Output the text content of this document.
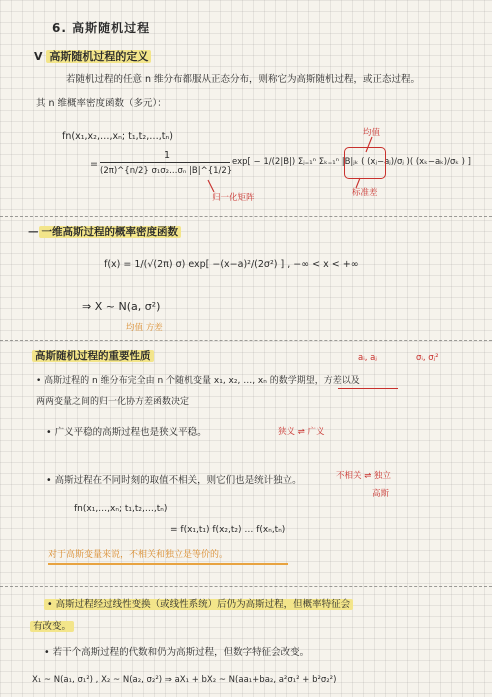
6. 高斯随机过程
V 高斯随机过程的定义
若随机过程的任意 n 维分布都服从正态分布，则称它为高斯随机过程，或正态过程。
其 n 维概率密度函数（多元）：
fn(x₁,x₂,…,xₙ; t₁,t₂,…,tₙ)
1
(2π)^{n/2} σ₁σ₂…σₙ |B|^{1/2}
=	exp[ − 1/(2|B|) Σⱼ₌₁ⁿ Σₖ₌₁ⁿ |B|ⱼₖ ( (xⱼ−aⱼ)/σⱼ )( (xₖ−aₖ)/σₖ ) ]
均值
归一化矩阵	标准差
— 一维高斯过程的概率密度函数
f(x) = 1/(√(2π) σ) exp[ −(x−a)²/(2σ²) ] , −∞ < x < +∞
⇒ X ~ N(a, σ²)
均值 方差
高斯随机过程的重要性质	aᵢ, aⱼ	σᵢ, σⱼ²
• 高斯过程的 n 维分布完全由 n 个随机变量 x₁, x₂, …, xₙ 的数学期望，方差以及
两两变量之间的归一化协方差函数决定
• 广义平稳的高斯过程也是狭义平稳。	狭义 ⇌ 广义
• 高斯过程在不同时刻的取值不相关，则它们也是统计独立。	不相关 ⇌ 独立
高斯
fn(x₁,…,xₙ; t₁,t₂,…,tₙ)
= f(x₁,t₁) f(x₂,t₂) … f(xₙ,tₙ)
对于高斯变量来说，不相关和独立是等价的。
• 高斯过程经过线性变换（或线性系统）后仍为高斯过程，但概率特征会
有改变。
• 若干个高斯过程的代数和仍为高斯过程，但数字特征会改变。
X₁ ~ N(a₁, σ₁²) , X₂ ~ N(a₂, σ₂²) ⇒ aX₁ + bX₂ ~ N(aa₁+ba₂, a²σ₁² + b²σ₂²)
